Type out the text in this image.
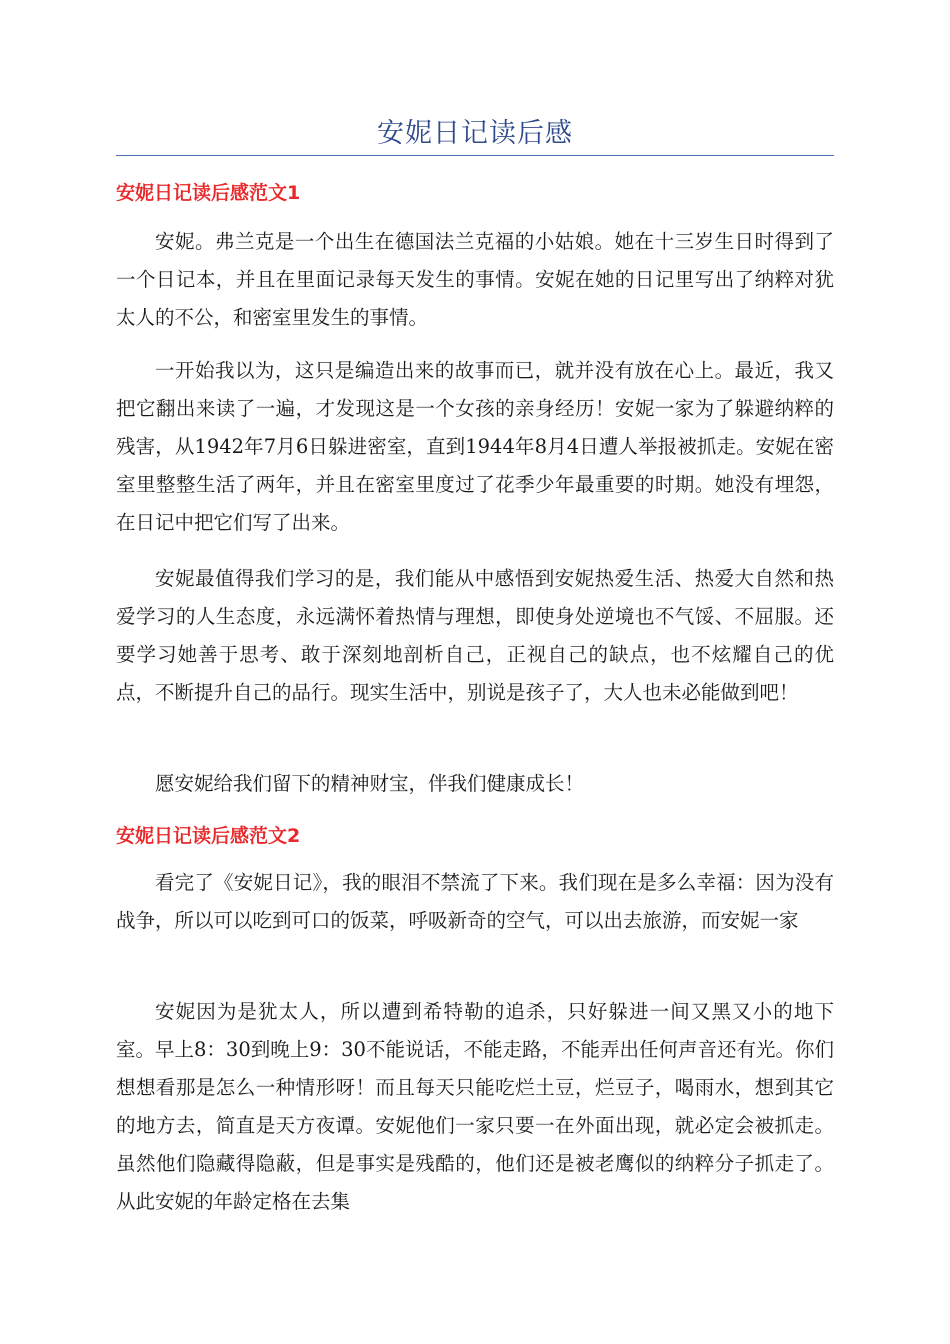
安妮日记读后感
安妮日记读后感范文1

安妮。弗兰克是一个出生在德国法兰克福的小姑娘。她在十三岁生日时得到了一个日记本，并且在里面记录每天发生的事情。安妮在她的日记里写出了纳粹对犹太人的不公，和密室里发生的事情。

一开始我以为，这只是编造出来的故事而已，就并没有放在心上。最近，我又把它翻出来读了一遍，才发现这是一个女孩的亲身经历！安妮一家为了躲避纳粹的残害，从1942年7月6日躲进密室，直到1944年8月4日遭人举报被抓走。安妮在密室里整整生活了两年，并且在密室里度过了花季少年最重要的时期。她没有埋怨，在日记中把它们写了出来。

安妮最值得我们学习的是，我们能从中感悟到安妮热爱生活、热爱大自然和热爱学习的人生态度，永远满怀着热情与理想，即使身处逆境也不气馁、不屈服。还要学习她善于思考、敢于深刻地剖析自己，正视自己的缺点，也不炫耀自己的优点，不断提升自己的品行。现实生活中，别说是孩子了，大人也未必能做到吧！

愿安妮给我们留下的精神财宝，伴我们健康成长！

安妮日记读后感范文2

看完了《安妮日记》，我的眼泪不禁流了下来。我们现在是多么幸福：因为没有战争，所以可以吃到可口的饭菜，呼吸新奇的空气，可以出去旅游，而安妮一家

安妮因为是犹太人，所以遭到希特勒的追杀，只好躲进一间又黑又小的地下室。早上8：30到晚上9：30不能说话，不能走路，不能弄出任何声音还有光。你们想想看那是怎么一种情形呀！而且每天只能吃烂土豆，烂豆子，喝雨水，想到其它的地方去，简直是天方夜谭。安妮他们一家只要一在外面出现，就必定会被抓走。虽然他们隐藏得隐蔽，但是事实是残酷的，他们还是被老鹰似的纳粹分子抓走了。从此安妮的年龄定格在去集
